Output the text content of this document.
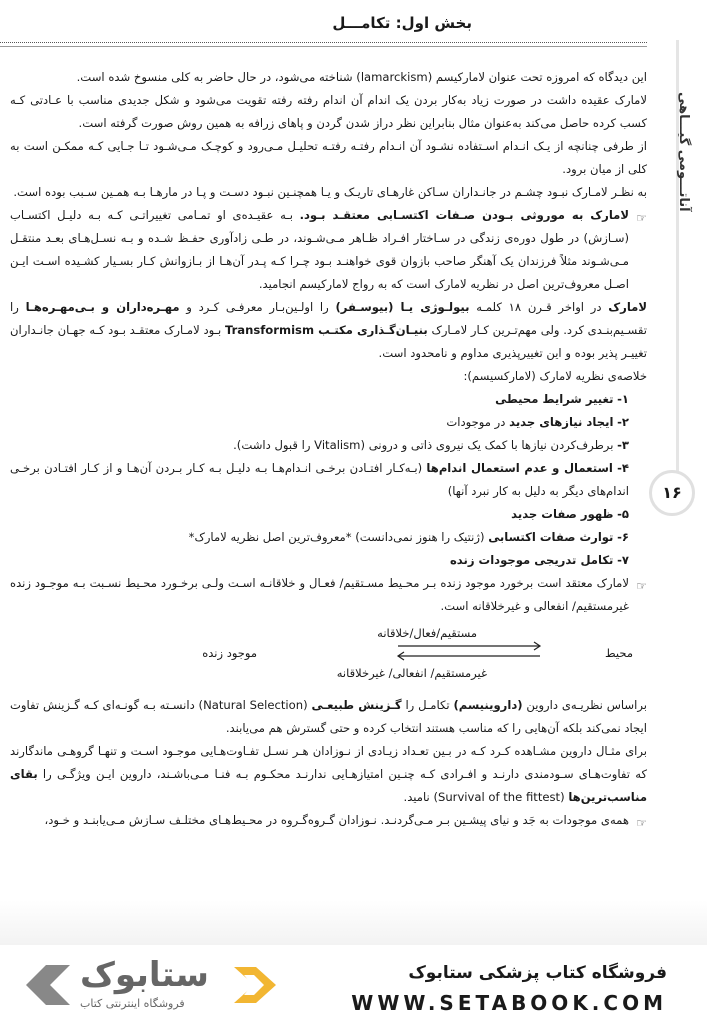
بخش اول: تکامـــل
آناتـــومی گیـــاهی
۱۶

این دیدگاه که امروزه تحت عنوان لامارکیسم (lamarckism) شناخته می‌شود، در حال حاضر به کلی منسوخ شده است.

لامارک عقیده داشت در صورت زیاد به‌کار بردن یک اندام آن اندام رفته رفته تقویت می‌شود و شکل جدیدی مناسب با عـادتی کـه کسب کرده حاصل می‌کند به‌عنوان مثال بنابراین نظر دراز شدن گردن و پاهای زرافه به همین روش صورت گرفته است.

از طرفی چنانچه از یـک انـدام اسـتفاده نشـود آن انـدام رفتـه رفتـه تحلیـل مـی‌رود و کوچـک مـی‌شـود تـا جـایی کـه ممکـن است به کلی از میان برود.

به نظـر لامـارک نبـود چشـم در جانـداران سـاکن غارهـای تاریـک و یـا همچنـین نبـود دسـت و پـا در مارهـا بـه همـین سـبب بوده است.

☞
لامارک به موروثی بـودن صـفات اکتسـابی معتقـد بـود. بـه عقیـده‌ی او تمـامی تغییراتـی کـه بـه دلیـل اکتسـاب (سـازش) در طول دوره‌ی زندگی در سـاختار افـراد ظـاهر مـی‌شـوند، در طـی زادآوری حفـظ شـده و بـه نسـل‌هـای بعـد منتقـل مـی‌شـوند مثلاً فرزندان یک آهنگر صاحب بازوان قوی خواهنـد بـود چـرا کـه پـدر آن‌هـا از بـازوانش کـار بسـیار کشـیده اسـت ایـن اصـل معروف‌ترین اصل در نظریه لامارک است که به رواج لامارکیسم انجامید.

لامارک در اواخر قـرن ۱۸ کلمـه بیولـوژی یـا (بیوسـفر) را اولـین‌بـار معرفـی کـرد و مهـره‌داران و بـی‌مهـره‌هـا را تقسـیم‌بنـدی کرد. ولی مهم‌تـرین کـار لامـارک بنیـان‌گـذاری مکتـب Transformism بـود لامـارک معتقـد بـود کـه جهـان جانـداران تغییـر پذیر بوده و این تغییرپذیری مداوم و نامحدود است.

خلاصه‌ی نظریه لامارک (لامارکسیسم):

۱- تغییر شرایط محیطی

۲- ایجاد نیازهای جدید در موجودات

۳- برطرف‌کردن نیازها با کمک یک نیروی ذاتی و درونی (Vitalism را قبول داشت).

۴- استعمال و عدم استعمال اندام‌ها (بـه‌کـار افتـادن برخـی انـدام‌هـا بـه دلیـل بـه کـار بـردن آن‌هـا و از کـار افتـادن برخـی اندام‌های دیگر به دلیل به کار نبرد آنها)

۵- ظهور صفات جدید

۶- توارث صفات اکتسابی (ژنتیک را هنوز نمی‌دانست) *معروف‌ترین اصل نظریه لامارک*

۷- تکامل تدریجی موجودات زنده

☞
لامارک معتقد است برخورد موجود زنده بـر محـیط مسـتقیم/ فعـال و خلاقانـه اسـت ولـی برخـورد محـیط نسـبت بـه موجـود زنده غیرمستقیم/ انفعالی و غیرخلاقانه است.

محیط
مستقیم/فعال/خلاقانه
موجود زنده
غیرمستقیم/ انفعالی/ غیرخلاقانه

براساس نظریـه‌ی داروین (داروینیسم) تکامـل را گـزینش طبیعـی (Natural Selection) دانسـته بـه گونـه‌ای کـه گـزینش تفاوت ایجاد نمی‌کند بلکه آن‌هایی را که مناسب هستند انتخاب کرده و حتی گسترش هم می‌یابند.

برای مثـال داروین مشـاهده کـرد کـه در بـین تعـداد زیـادی از نـوزادان هـر نسـل تفـاوت‌هـایی موجـود اسـت و تنهـا گروهـی ماندگارند که تفاوت‌هـای سـودمندی دارنـد و افـرادی کـه چنـین امتیازهـایی ندارنـد محکـوم بـه فنـا مـی‌باشـند، داروین ایـن ویژگـی را بقای مناسب‌ترین‌ها (Survival of the fittest) نامید.

☞
همه‌ی موجودات به جَد و نیای پیشـین بـر مـی‌گردنـد. نـوزادان گـروه‌گـروه در محـیط‌هـای مختلـف سـازش مـی‌یابنـد و خـود،

فروشگاه کتاب پزشکی ستابوک
WWW.SETABOOK.COM
ستابوک
فروشگاه اینترنتی کتاب
